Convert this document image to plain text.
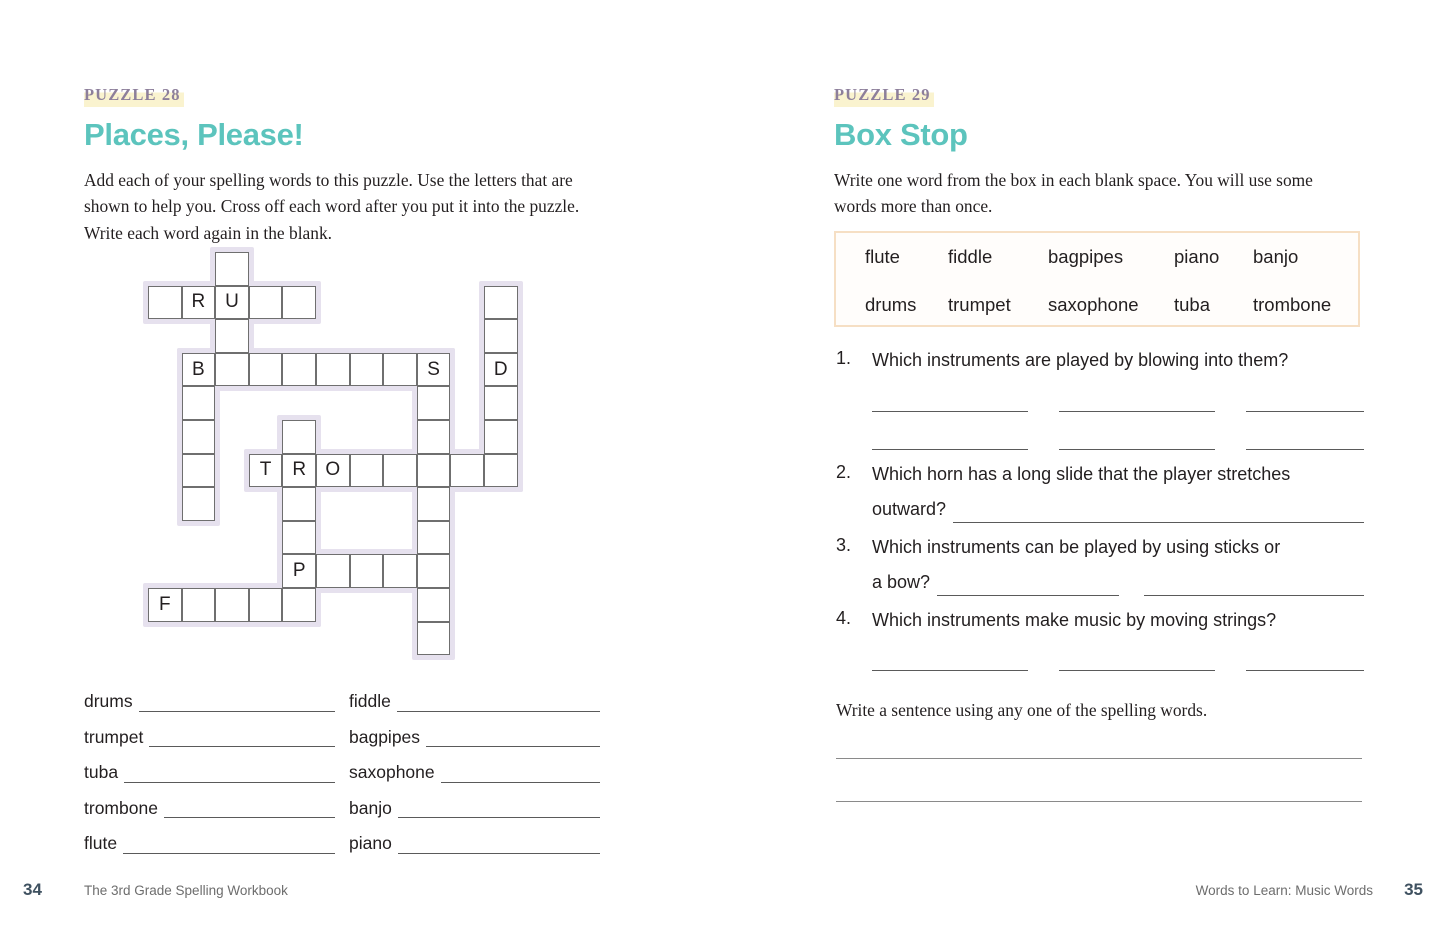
PUZZLE 28
Places, Please!
Add each of your spelling words to this puzzle. Use the letters that are shown to help you. Cross off each word after you put it into the puzzle. Write each word again in the blank.
R	U
B	S
T	R	O
P
F
D
drums	fiddle
trumpet	bagpipes
tuba	saxophone
trombone	banjo
flute	piano
34	The 3rd Grade Spelling Workbook
PUZZLE 29
Box Stop
Write one word from the box in each blank space. You will use some words more than once.
flute	fiddle	bagpipes	piano	banjo
drums	trumpet	saxophone	tuba	trombone
1.	Which instruments are played by blowing into them?
2.	Which horn has a long slide that the player stretches
outward?
3.	Which instruments can be played by using sticks or
a bow?
4.	Which instruments make music by moving strings?
Write a sentence using any one of the spelling words.
Words to Learn: Music Words 35
